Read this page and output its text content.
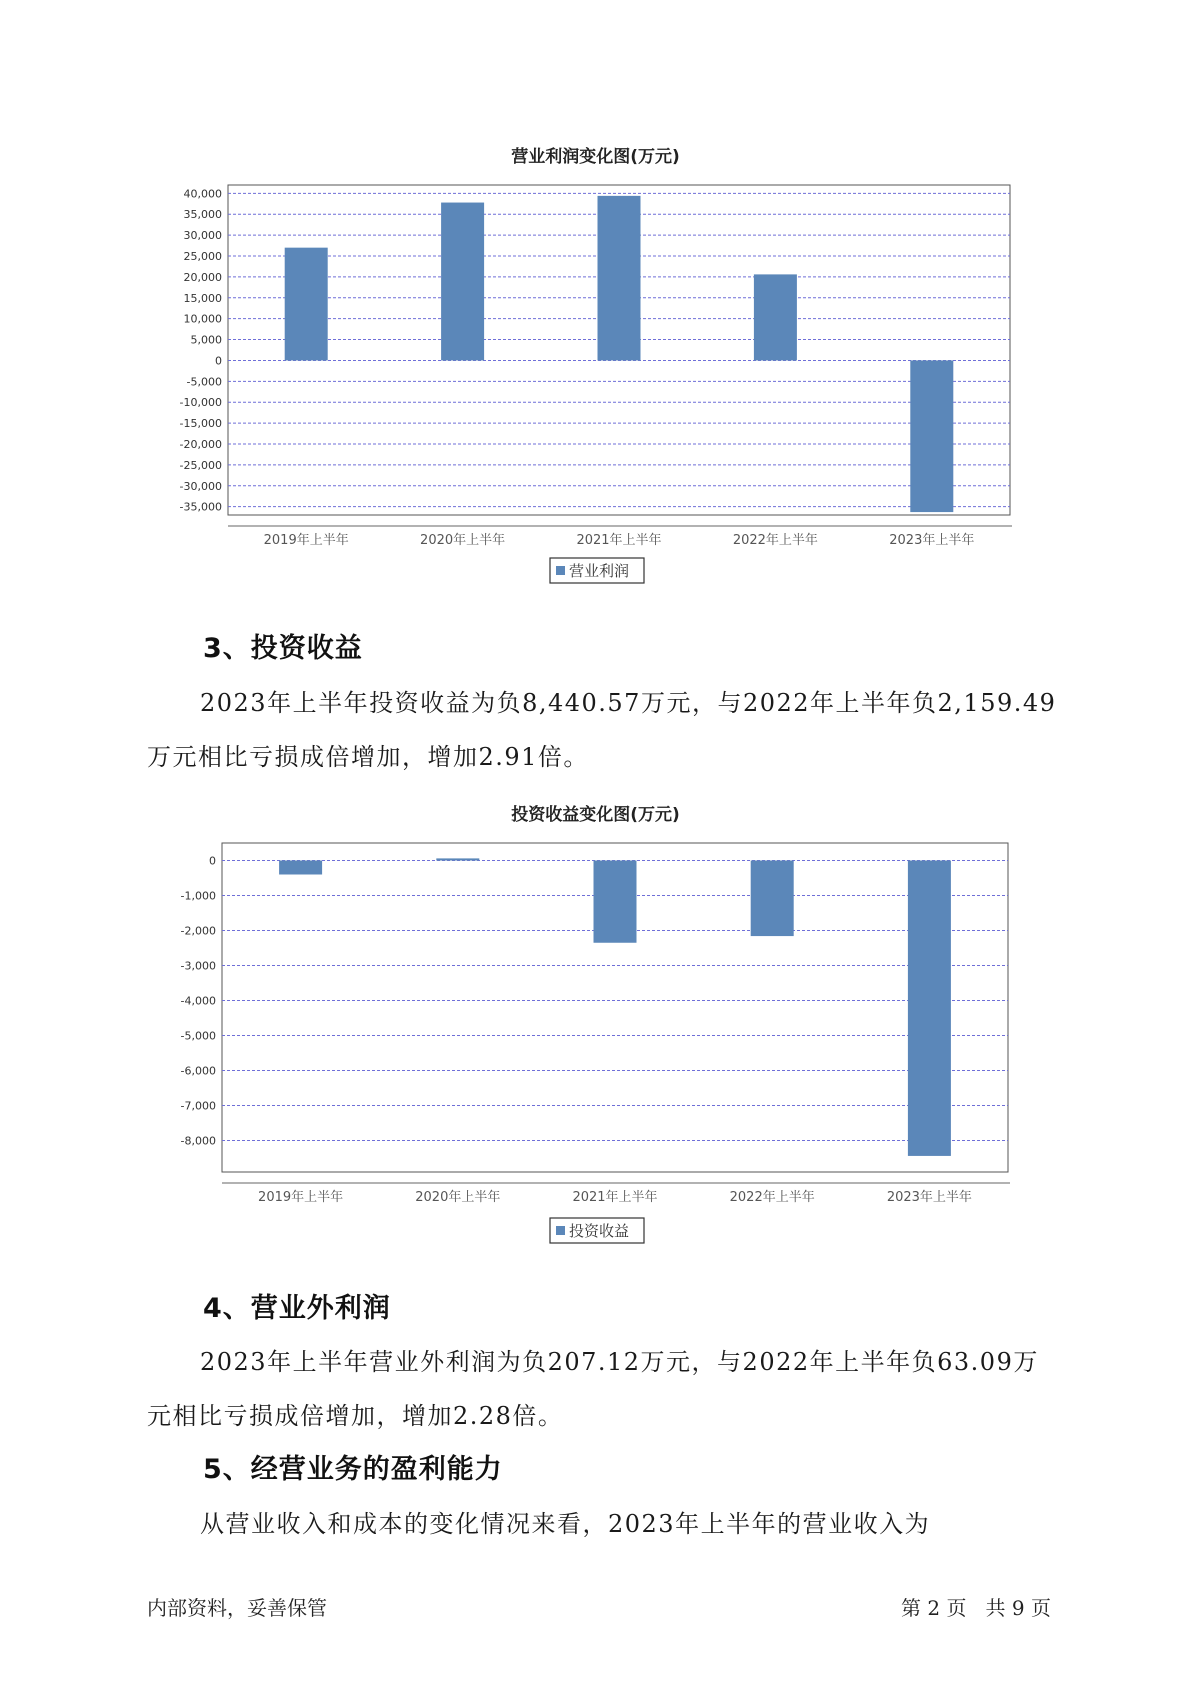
营业利润变化图(万元)
40,000
35,000
30,000
25,000
20,000
15,000
10,000
5,000
0
-5,000
-10,000
-15,000
-20,000
-25,000
-30,000
-35,000
2019年上半年	2020年上半年	2021年上半年	2022年上半年	2023年上半年
营业利润
3、投资收益
2023年上半年投资收益为负8,440.57万元，与2022年上半年负2,159.49
万元相比亏损成倍增加，增加2.91倍。
投资收益变化图(万元)
0
-1,000
-2,000
-3,000
-4,000
-5,000
-6,000
-7,000
-8,000
2019年上半年	2020年上半年	2021年上半年	2022年上半年	2023年上半年
投资收益
4、营业外利润
2023年上半年营业外利润为负207.12万元，与2022年上半年负63.09万
元相比亏损成倍增加，增加2.28倍。
5、经营业务的盈利能力
从营业收入和成本的变化情况来看，2023年上半年的营业收入为
内部资料，妥善保管	第 2 页   共 9 页
